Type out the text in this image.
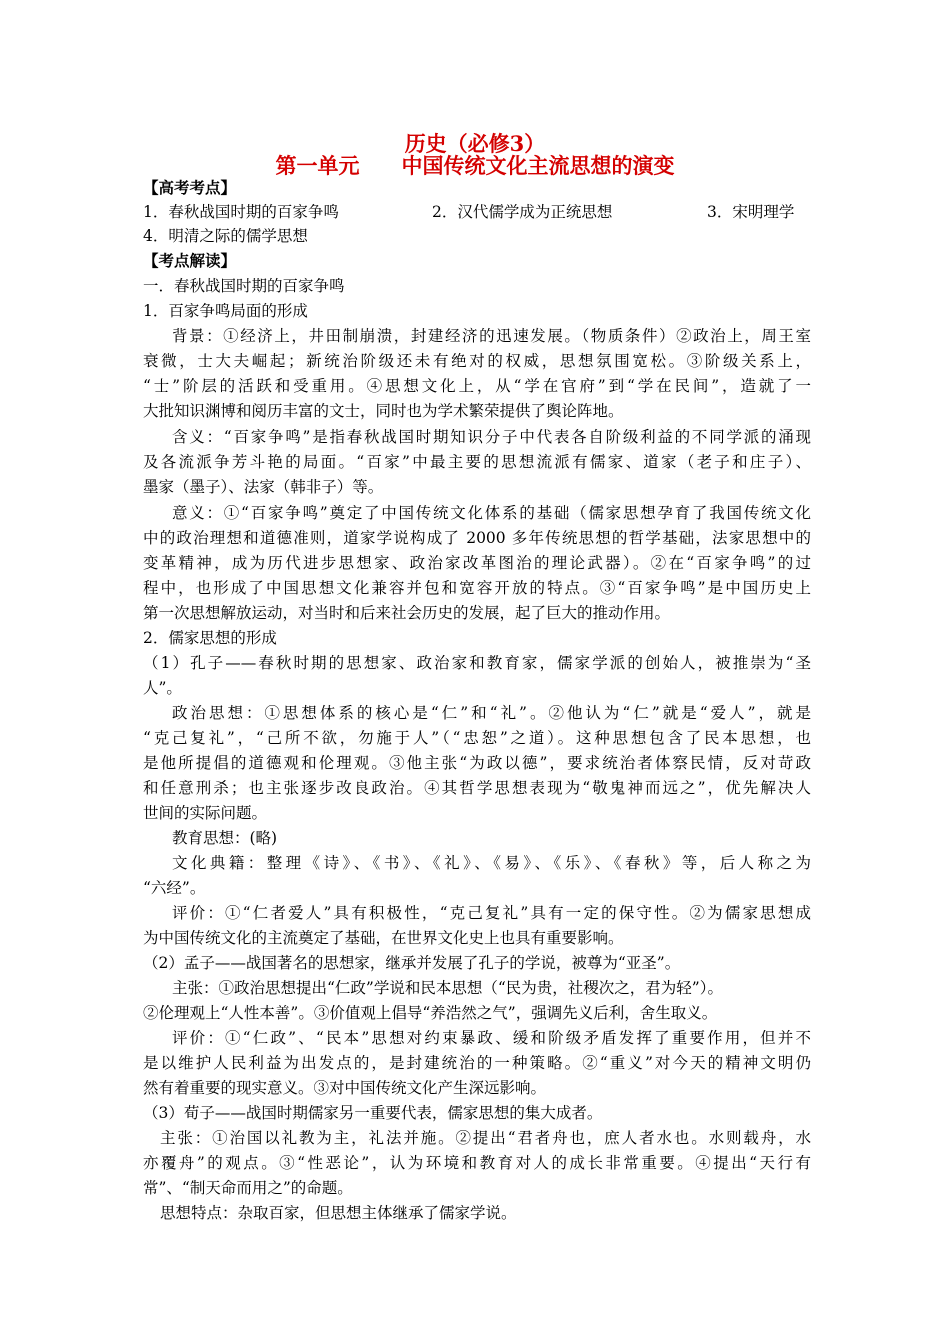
历史（必修3）
第一单元　　中国传统文化主流思想的演变
【高考考点】
1．春秋战国时期的百家争鸣	2．汉代儒学成为正统思想	3．宋明理学
4．明清之际的儒学思想
【考点解读】
一．春秋战国时期的百家争鸣
1．百家争鸣局面的形成
背景：①经济上，井田制崩溃，封建经济的迅速发展。（物质条件）②政治上，周王室
衰微，士大夫崛起；新统治阶级还未有绝对的权威，思想氛围宽松。③阶级关系上，
“士”阶层的活跃和受重用。④思想文化上，从“学在官府”到“学在民间”，造就了一
大批知识渊博和阅历丰富的文士，同时也为学术繁荣提供了舆论阵地。
含义：“百家争鸣”是指春秋战国时期知识分子中代表各自阶级利益的不同学派的涌现
及各流派争芳斗艳的局面。“百家”中最主要的思想流派有儒家、道家（老子和庄子）、
墨家（墨子）、法家（韩非子）等。
意义：①“百家争鸣”奠定了中国传统文化体系的基础（儒家思想孕育了我国传统文化
中的政治理想和道德准则，道家学说构成了 2000 多年传统思想的哲学基础，法家思想中的
变革精神，成为历代进步思想家、政治家改革图治的理论武器）。②在“百家争鸣”的过
程中，也形成了中国思想文化兼容并包和宽容开放的特点。③“百家争鸣”是中国历史上
第一次思想解放运动，对当时和后来社会历史的发展，起了巨大的推动作用。
2．儒家思想的形成
（1）孔子——春秋时期的思想家、政治家和教育家，儒家学派的创始人，被推崇为“圣
人”。
政治思想：①思想体系的核心是“仁”和“礼”。②他认为“仁”就是“爱人”，就是
“克己复礼”，“己所不欲，勿施于人”（“忠恕”之道）。这种思想包含了民本思想，也
是他所提倡的道德观和伦理观。③他主张“为政以德”，要求统治者体察民情，反对苛政
和任意刑杀；也主张逐步改良政治。④其哲学思想表现为“敬鬼神而远之”，优先解决人
世间的实际问题。
教育思想：(略)
文化典籍：整理《诗》、《书》、《礼》、《易》、《乐》、《春秋》等，后人称之为
“六经”。
评价：①“仁者爱人”具有积极性，“克己复礼”具有一定的保守性。②为儒家思想成
为中国传统文化的主流奠定了基础，在世界文化史上也具有重要影响。
（2）孟子——战国著名的思想家，继承并发展了孔子的学说，被尊为“亚圣”。
主张：①政治思想提出“仁政”学说和民本思想（“民为贵，社稷次之，君为轻”）。
②伦理观上“人性本善”。③价值观上倡导“养浩然之气”，强调先义后利，舍生取义。
评价：①“仁政”、“民本”思想对约束暴政、缓和阶级矛盾发挥了重要作用，但并不
是以维护人民利益为出发点的，是封建统治的一种策略。②“重义”对今天的精神文明仍
然有着重要的现实意义。③对中国传统文化产生深远影响。
（3）荀子——战国时期儒家另一重要代表，儒家思想的集大成者。
主张：①治国以礼教为主，礼法并施。②提出“君者舟也，庶人者水也。水则载舟，水
亦覆舟”的观点。③“性恶论”，认为环境和教育对人的成长非常重要。④提出“天行有
常”、“制天命而用之”的命题。
思想特点：杂取百家，但思想主体继承了儒家学说。
